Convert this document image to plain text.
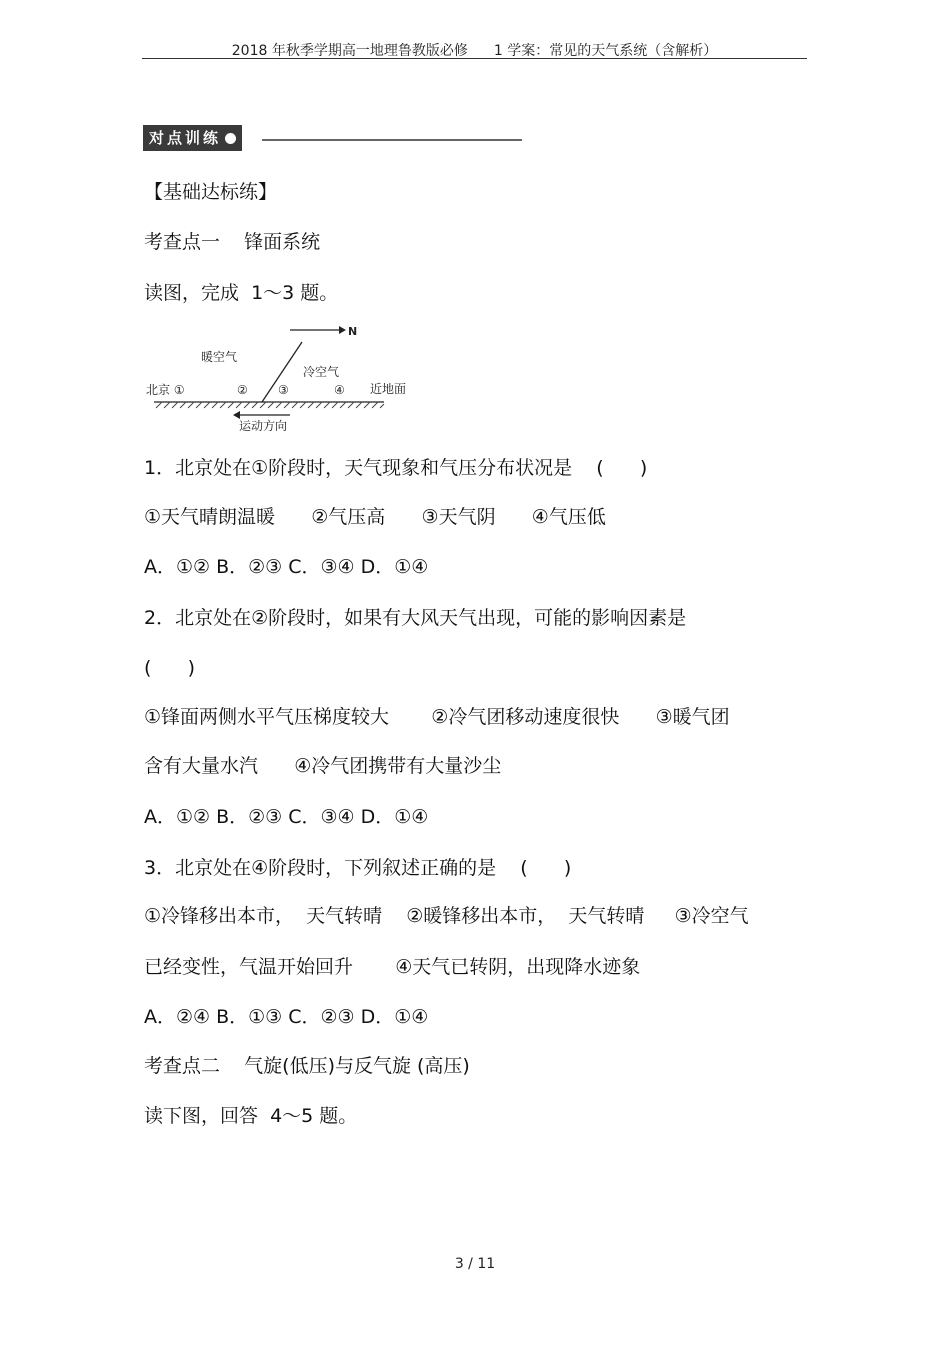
2018 年秋季学期高一地理鲁教版必修 1 学案：常见的天气系统（含解析）
对点训练
【基础达标练】
考查点一    锋面系统
读图，完成  1～3 题。
N
暖空气
冷空气
北京 ①	②	③	④ 近地面
运动方向
1．北京处在①阶段时，天气现象和气压分布状况是    (      )
①天气晴朗温暖      ②气压高      ③天气阴      ④气压低
A．①② B．②③ C．③④ D．①④
2．北京处在②阶段时，如果有大风天气出现，可能的影响因素是
(      )
①锋面两侧水平气压梯度较大       ②冷气团移动速度很快      ③暖气团
含有大量水汽      ④冷气团携带有大量沙尘
A．①② B．②③ C．③④ D．①④
3．北京处在④阶段时，下列叙述正确的是    (      )
①冷锋移出本市，  天气转晴    ②暖锋移出本市，  天气转晴     ③冷空气
已经变性，气温开始回升       ④天气已转阴，出现降水迹象
A．②④ B．①③ C．②③ D．①④
考查点二    气旋(低压)与反气旋 (高压)
读下图，回答  4～5 题。
3 / 11
